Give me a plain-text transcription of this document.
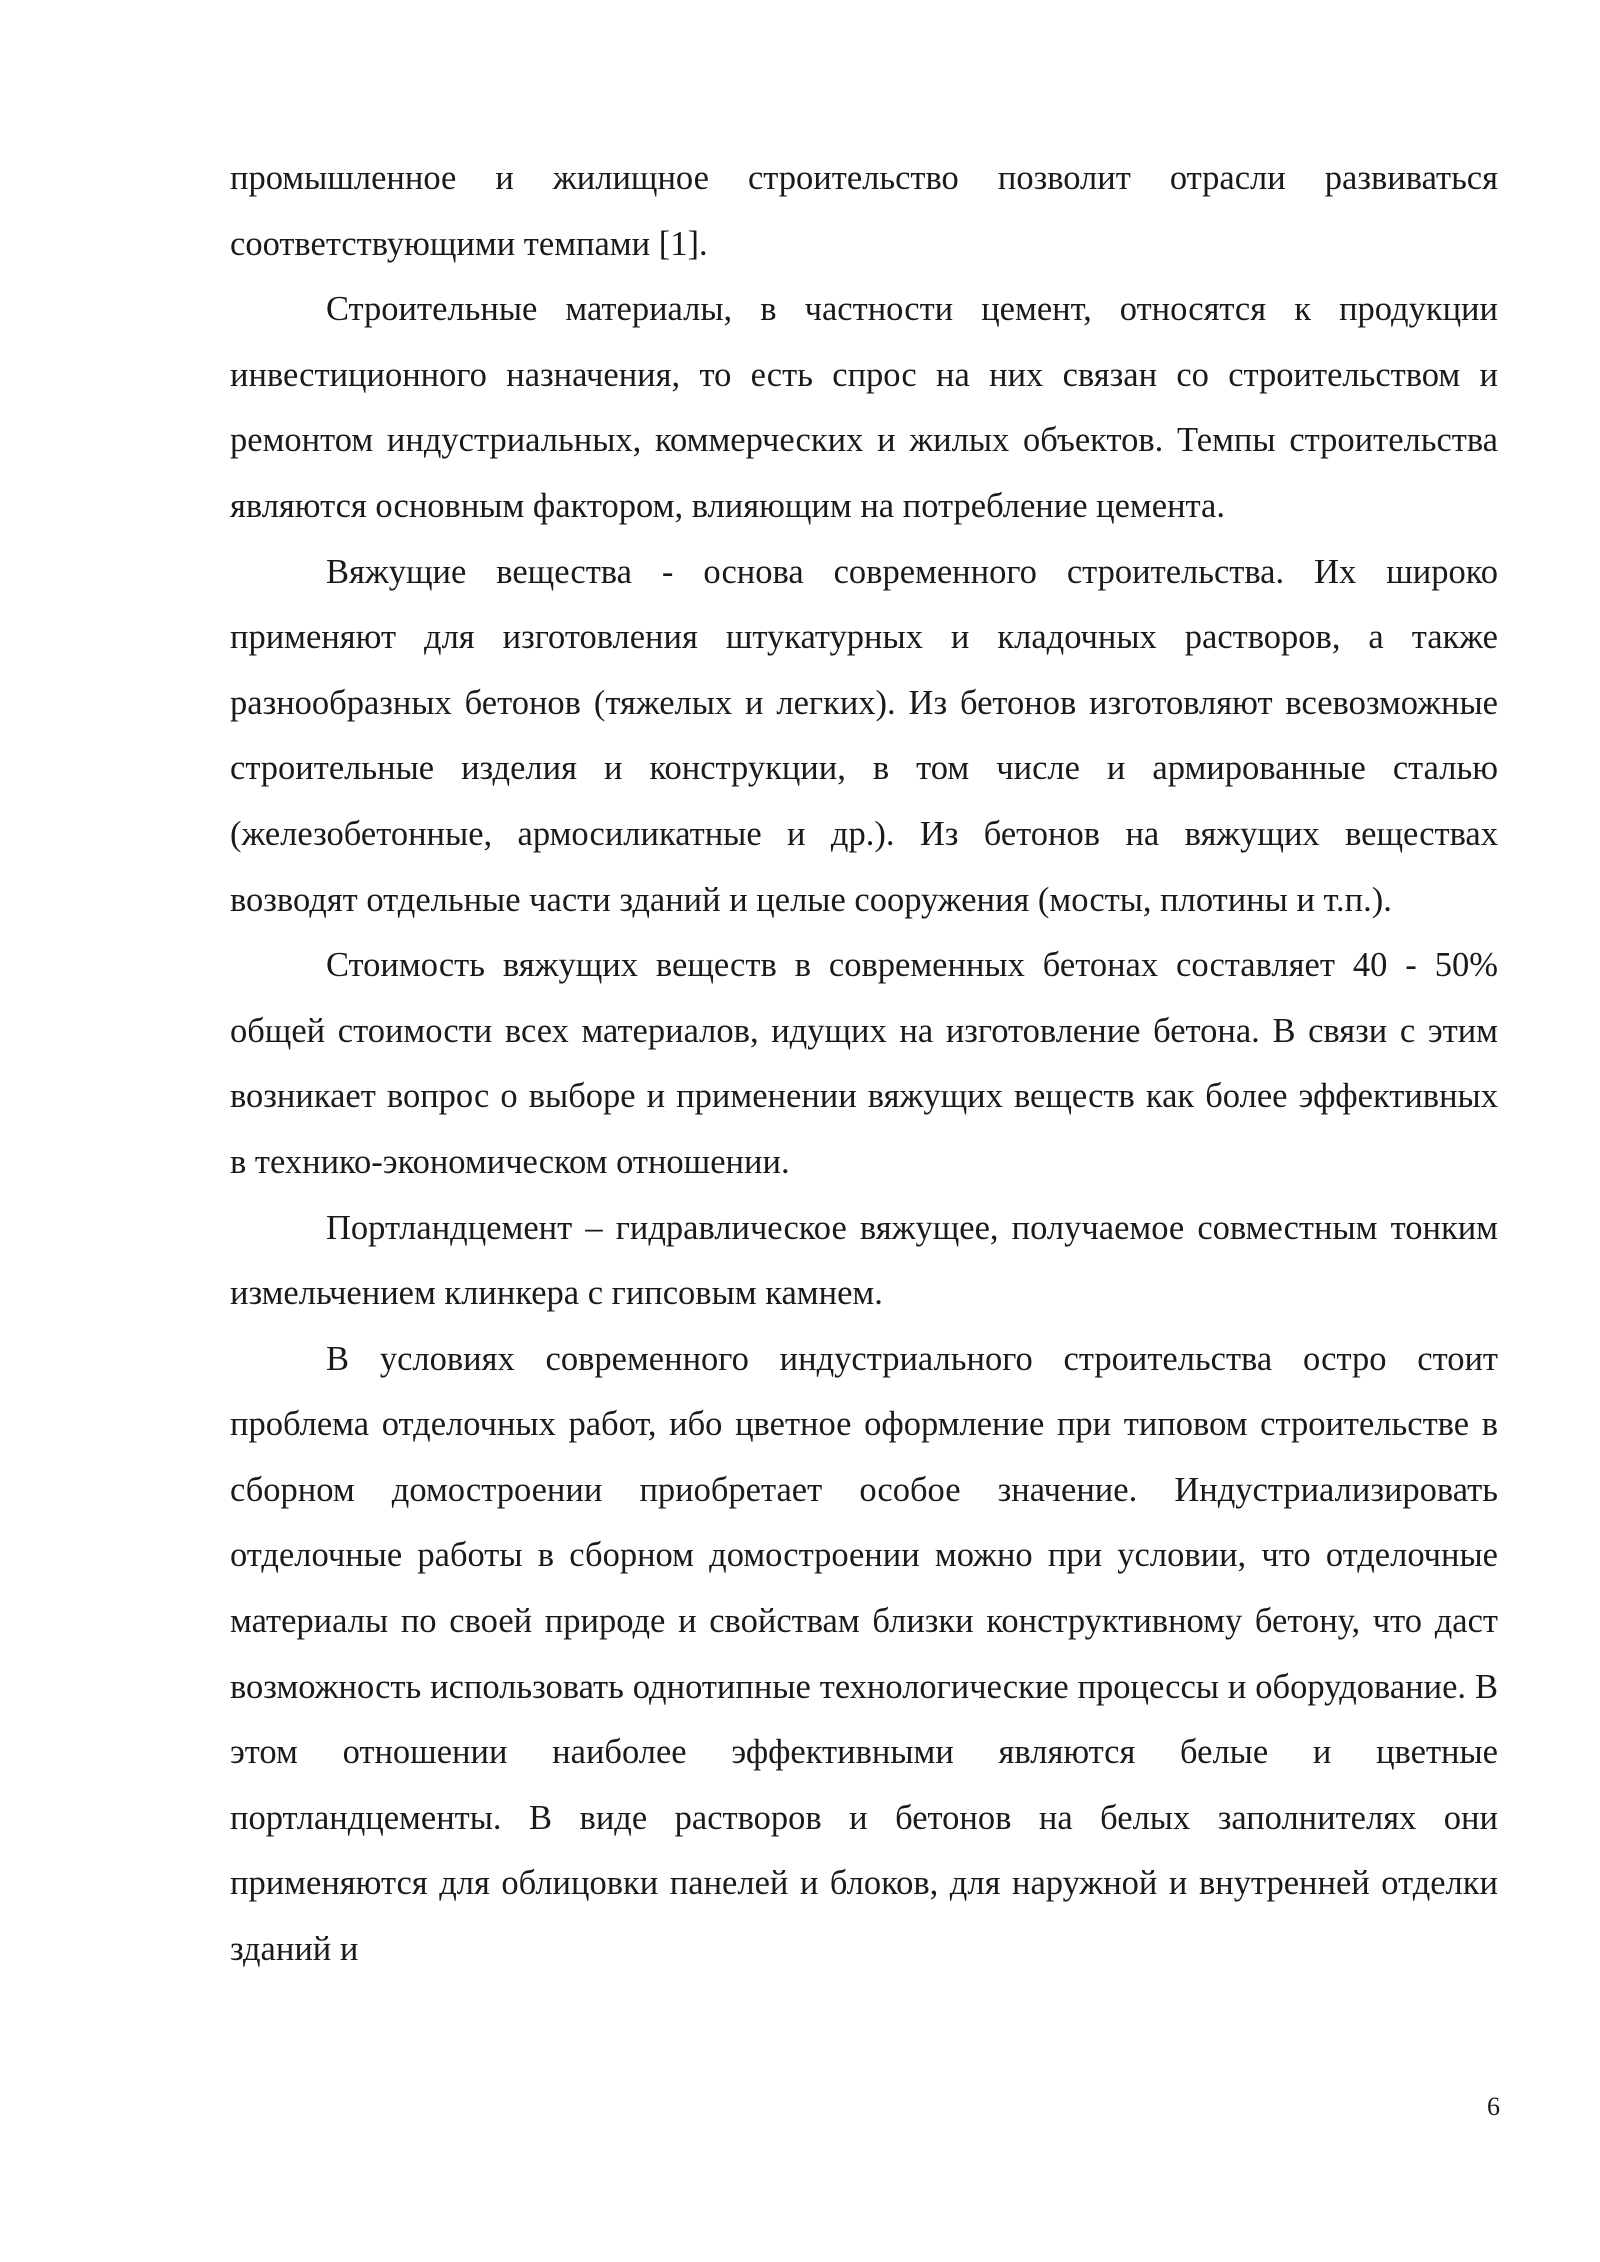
промышленное и жилищное строительство позволит отрасли развиваться соответствующими темпами [1].

Строительные материалы, в частности цемент, относятся к продукции инвестиционного назначения, то есть спрос на них связан со строительством и ремонтом индустриальных, коммерческих и жилых объектов. Темпы строительства являются основным фактором, влияющим на потребление цемента.

Вяжущие вещества - основа современного строительства. Их широко применяют для изготовления штукатурных и кладочных растворов, а также разнообразных бетонов (тяжелых и легких). Из бетонов изготовляют всевозможные строительные изделия и конструкции, в том числе и армированные сталью (железобетонные, армосиликатные и др.). Из бетонов на вяжущих веществах возводят отдельные части зданий и целые сооружения (мосты, плотины и т.п.).

Стоимость вяжущих веществ в современных бетонах составляет 40 - 50% общей стоимости всех материалов, идущих на изготовление бетона. В связи с этим возникает вопрос о выборе и применении вяжущих веществ как более эффективных в технико-экономическом отношении.

Портландцемент – гидравлическое вяжущее, получаемое совместным тонким измельчением клинкера с гипсовым камнем.

В условиях современного индустриального строительства остро стоит проблема отделочных работ, ибо цветное оформление при типовом строительстве в сборном домостроении приобретает особое значение. Индустриализировать отделочные работы в сборном домостроении можно при условии, что отделочные материалы по своей природе и свойствам близки конструктивному бетону, что даст возможность использовать однотипные технологические процессы и оборудование. В этом отношении наиболее эффективными являются белые и цветные портландцементы. В виде растворов и бетонов на белых заполнителях они применяются для облицовки панелей и блоков, для наружной и внутренней отделки зданий и

6
